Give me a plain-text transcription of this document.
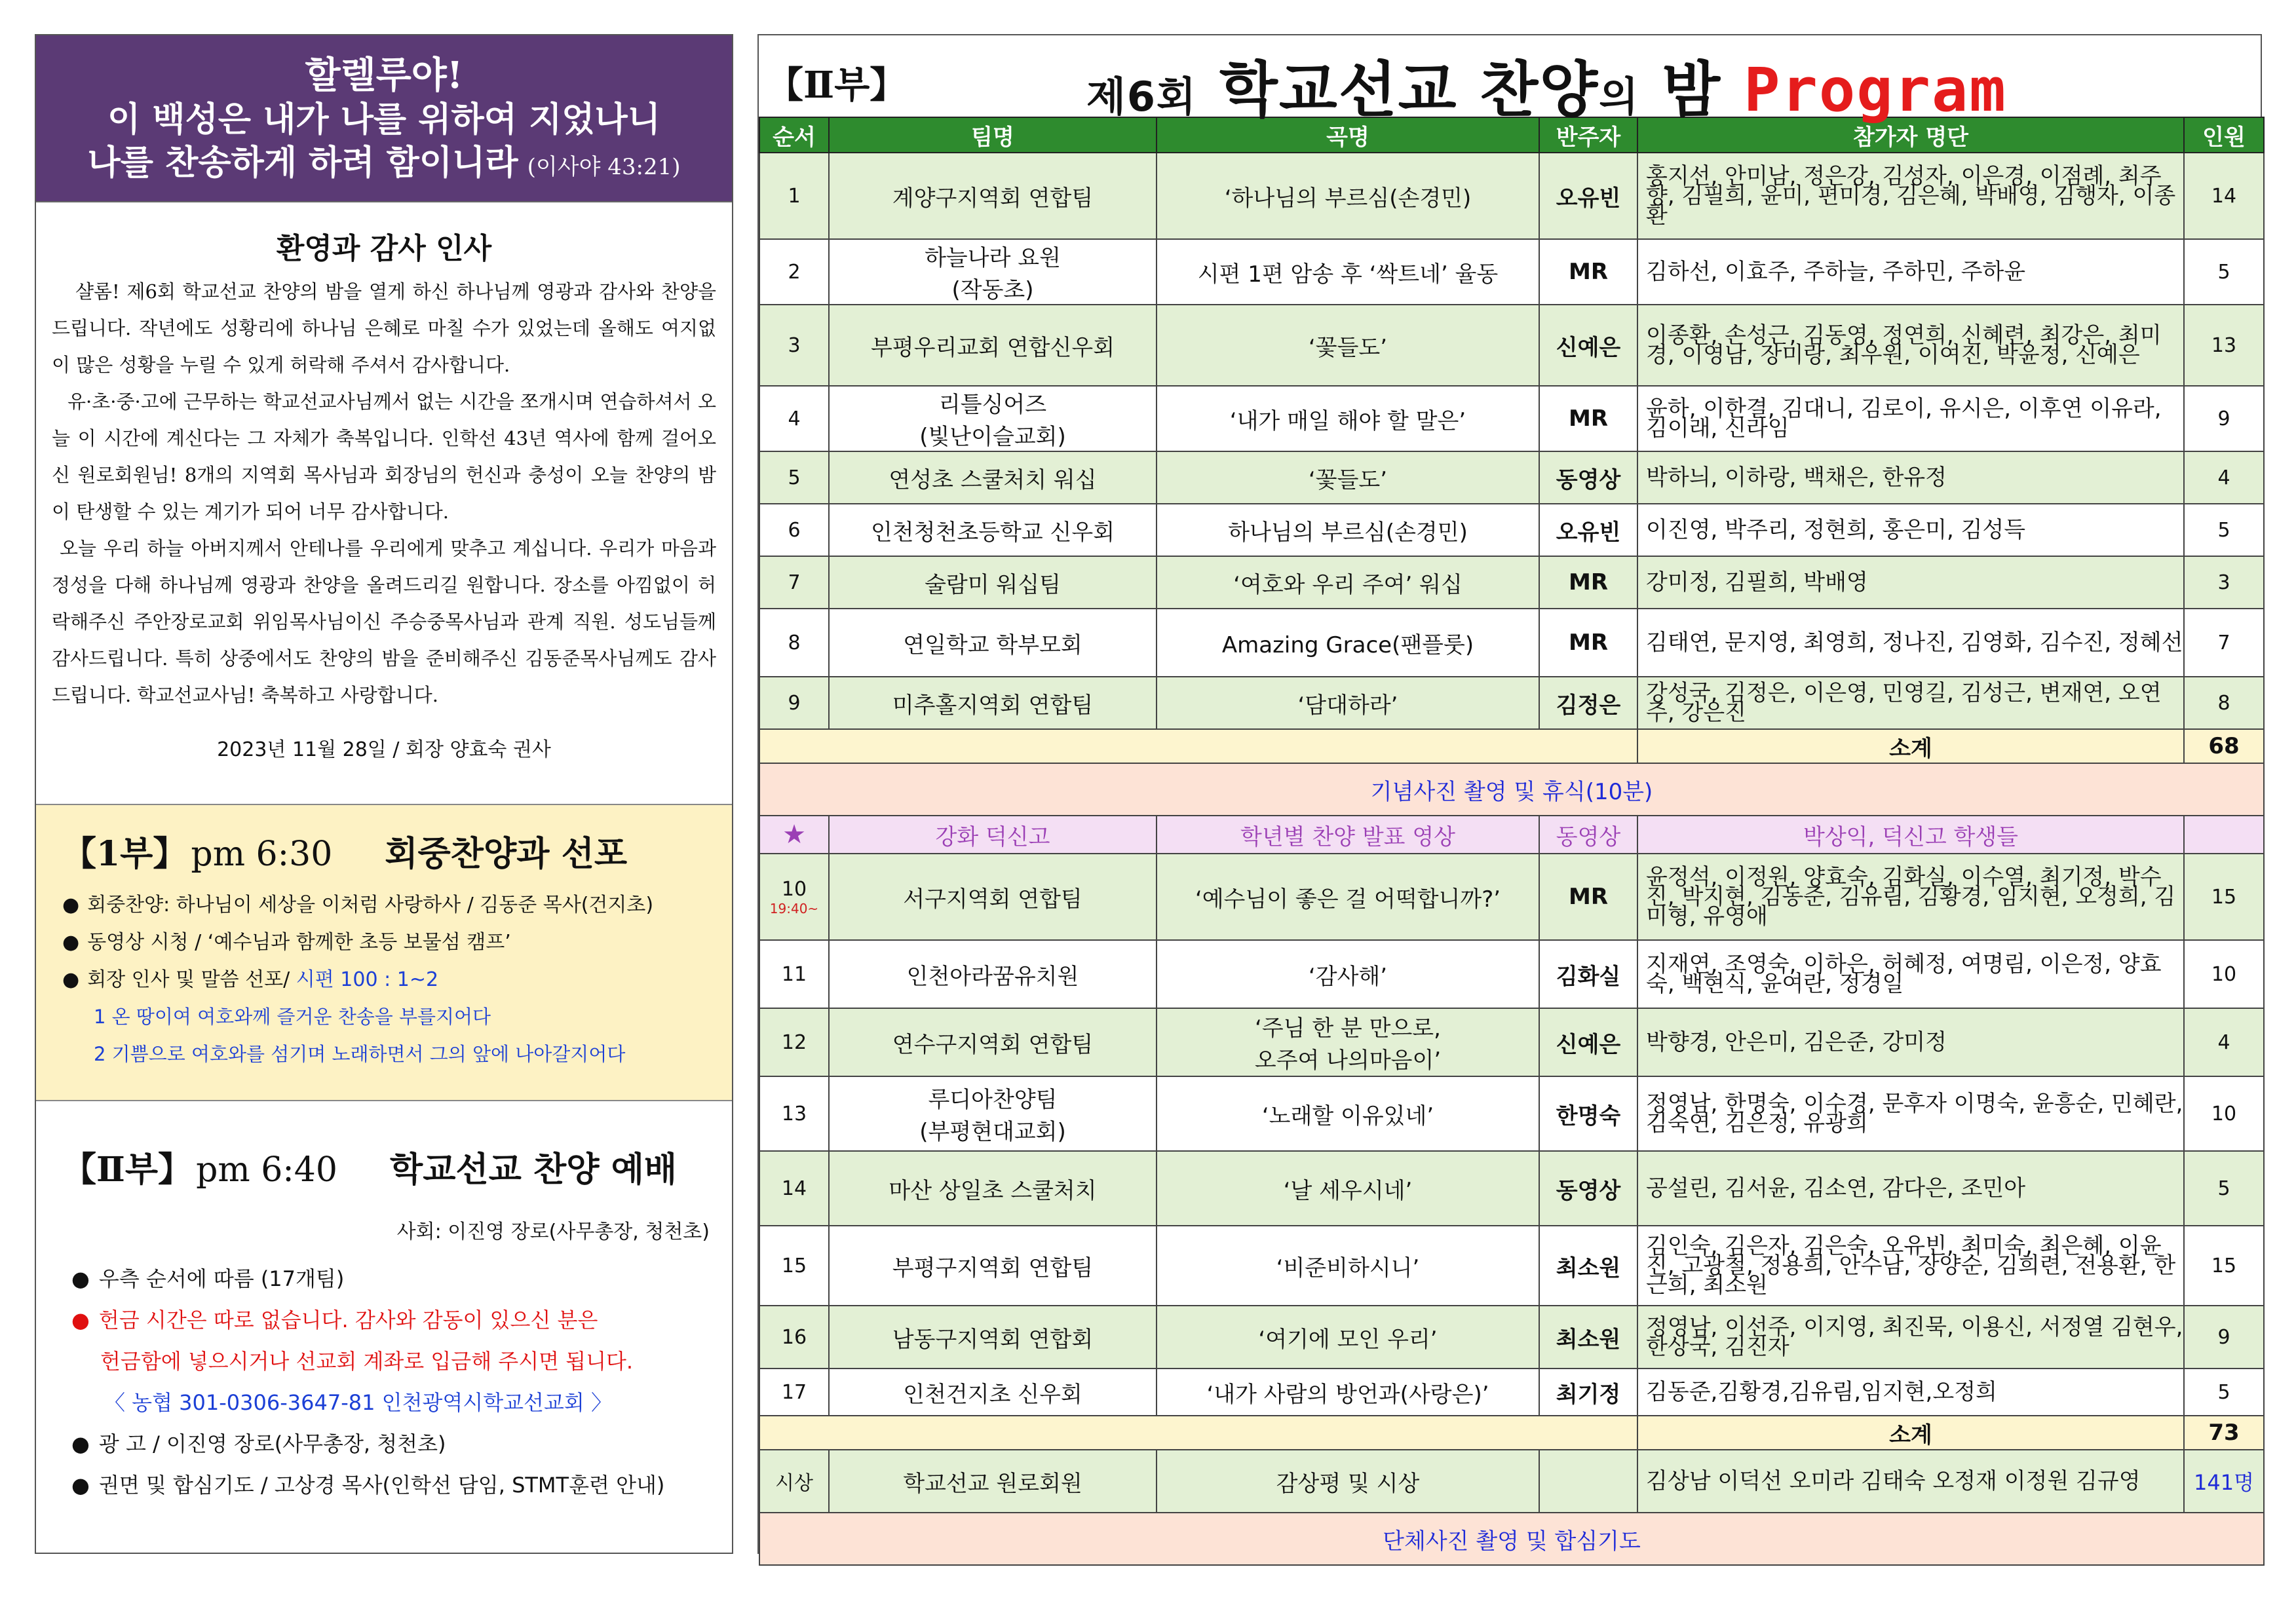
할렐루야!
이 백성은 내가 나를 위하여 지었나니
나를 찬송하게 하려 함이니라 (이사야 43:21)
환영과 감사 인사

샬롬! 제6회 학교선교 찬양의 밤을 열게 하신 하나님께 영광과 감사와 찬양을 드립니다. 작년에도 성황리에 하나님 은혜로 마칠 수가 있었는데 올해도 여지없이 많은 성황을 누릴 수 있게 허락해 주셔서 감사합니다.

유·초·중·고에 근무하는 학교선교사님께서 없는 시간을 쪼개시며 연습하셔서 오늘 이 시간에 계신다는 그 자체가 축복입니다. 인학선 43년 역사에 함께 걸어오신 원로회원님! 8개의 지역회 목사님과 회장님의 헌신과 충성이 오늘 찬양의 밤이 탄생할 수 있는 계기가 되어 너무 감사합니다.

오늘 우리 하늘 아버지께서 안테나를 우리에게 맞추고 계십니다. 우리가 마음과 정성을 다해 하나님께 영광과 찬양을 올려드리길 원합니다. 장소를 아낌없이 허락해주신 주안장로교회 위임목사님이신 주승중목사님과 관계 직원. 성도님들께 감사드립니다. 특히 상중에서도 찬양의 밤을 준비해주신 김동준목사님께도 감사드립니다. 학교선교사님! 축복하고 사랑합니다.

2023년 11월 28일 / 회장 양효숙 권사
【1부】 pm 6:30 회중찬양과 선포
● 회중찬양: 하나님이 세상을 이처럼 사랑하사 / 김동준 목사(건지초)
● 동영상 시청 / ‘예수님과 함께한 초등 보물섬 캠프’
● 회장 인사 및 말씀 선포/ 시편 100 : 1~2
1 온 땅이여 여호와께 즐거운 찬송을 부를지어다
2 기쁨으로 여호와를 섬기며 노래하면서 그의 앞에 나아갈지어다
【Ⅱ부】 pm 6:40 학교선교 찬양 예배
사회: 이진영 장로(사무총장, 청천초)
● 우측 순서에 따름 (17개팀)
● 헌금 시간은 따로 없습니다. 감사와 감동이 있으신 분은
헌금함에 넣으시거나 선교회 계좌로 입금해 주시면 됩니다.
〈 농협 301-0306-3647-81 인천광역시학교선교회 〉
● 광 고 / 이진영 장로(사무총장, 청천초)
● 권면 및 합심기도 / 고상경 목사(인학선 담임, STMT훈련 안내)
【Ⅱ부】	제6회 학교선교 찬양의 밤 Program
순서	팀명	곡명	반주자	참가자 명단	인원
1	계양구지역회 연합팀	‘하나님의 부르심(손경민)	오유빈	홍지선, 안미남, 정은강, 김성자, 이은경, 이점례, 최주향, 김필희, 윤미, 편미경, 김은혜, 박배영, 김행자, 이종환	14
2	하늘나라 요원
(작동초)	시편 1편 암송 후 ‘싹트네’ 율동	MR	김하선, 이효주, 주하늘, 주하민, 주하윤	5
3	부평우리교회 연합신우회	‘꽃들도’	신예은	이종환, 손성근, 김동영, 정연희, 신혜련, 최강은, 최미경, 이영남, 장미랑, 최우원, 이여진, 박윤정, 신예은	13
4	리틀싱어즈
(빛난이슬교회)	‘내가 매일 해야 할 말은’	MR	윤하, 이한결, 김대니, 김로이, 유시은, 이후연 이유라, 김이래, 신라임	9
5	연성초 스쿨처치 워십	‘꽃들도’	동영상	박하늬, 이하랑, 백채은, 한유정	4
6	인천청천초등학교 신우회	하나님의 부르심(손경민)	오유빈	이진영, 박주리, 정현희, 홍은미, 김성득	5
7	술람미 워십팀	‘여호와 우리 주여’ 워십	MR	강미정, 김필희, 박배영	3
8	연일학교 학부모회	Amazing Grace(팬플룻)	MR	김태연, 문지영, 최영희, 정나진, 김영화, 김수진, 정혜선	7
9	미추홀지역회 연합팀	‘담대하라’	김정은	강성국, 김정은, 이은영, 민영길, 김성근, 변재연, 오연주, 강은진	8
				소계	68
기념사진 촬영 및 휴식(10분)					
★	강화 덕신고	학년별 찬양 발표 영상	동영상	박상익, 덕신고 학생들	
10
19:40~	서구지역회 연합팀	‘예수님이 좋은 걸 어떡합니까?’	MR	윤정석, 이정원, 양효숙, 김화실, 이수열, 최기정, 박수진, 박지현, 김동준, 김유림, 김황경, 임지현, 오정희, 김미형, 유영애	15
11	인천아라꿈유치원	‘감사해’	김화실	지재연, 조영숙, 이하은, 허혜정, 여명림, 이은정, 양효숙, 백현식, 윤여란, 정경일	10
12	연수구지역회 연합팀	‘주님 한 분 만으로,
오주여 나의마음이’	신예은	박향경, 안은미, 김은준, 강미정	4
13	루디아찬양팀
(부평현대교회)	‘노래할 이유있네’	한명숙	정영남, 한명숙, 이수경, 문후자 이명숙, 윤흥순, 민혜란, 김숙연, 김은정, 유광희	10
14	마산 상일초 스쿨처치	‘날 세우시네’	동영상	공설린, 김서윤, 김소연, 감다은, 조민아	5
15	부평구지역회 연합팀	‘비준비하시니’	최소원	김인숙, 김은자, 김은숙, 오유빈, 최미숙, 최은혜, 이윤진, 고광철, 정용희, 안수남, 장양순, 김희련, 전용환, 한근희, 최소원	15
16	남동구지역회 연합회	‘여기에 모인 우리’	최소원	정영남, 이선주, 이지영, 최진묵, 이용신, 서정열 김현우, 한상국, 김진자	9
17	인천건지초 신우회	‘내가 사람의 방언과(사랑은)’	최기정	김동준,김황경,김유림,임지현,오정희	5
				소계	73
시상	학교선교 원로회원	감상평 및 시상		김상남 이덕선 오미라 김태숙 오정재 이정원 김규영	141명
단체사진 촬영 및 합심기도					
